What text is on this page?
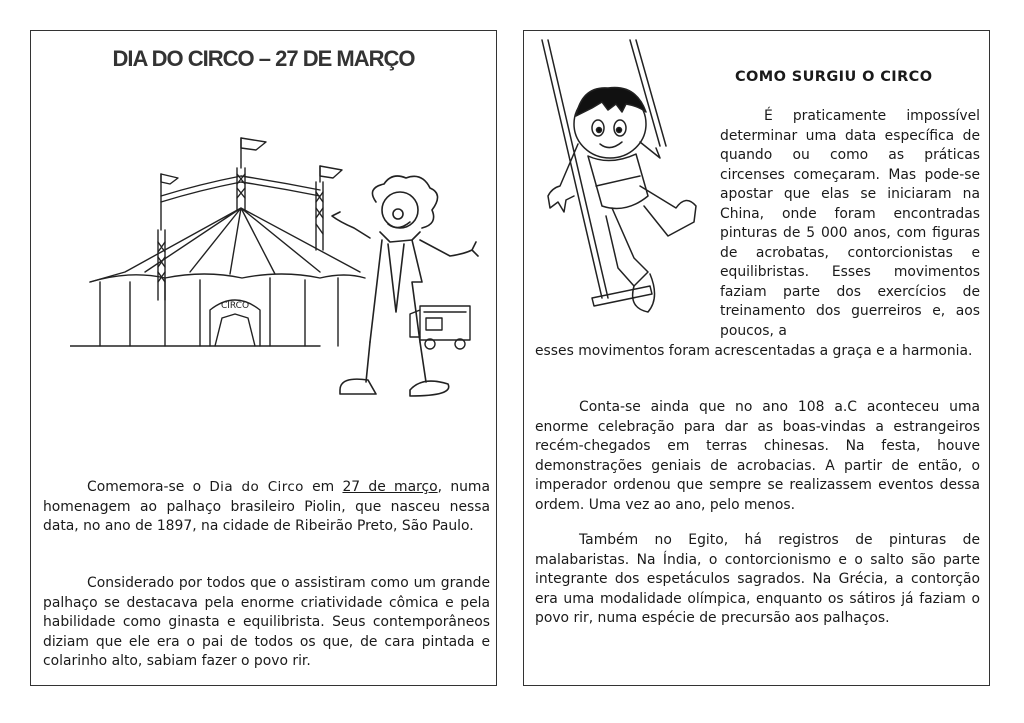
DIA DO CIRCO – 27 DE MARÇO
CIRCO

Comemora-se o Dia do Circo em 27 de março, numa homenagem ao palhaço brasileiro Piolin, que nasceu nessa data, no ano de 1897, na cidade de Ribeirão Preto, São Paulo.

Considerado por todos que o assistiram como um grande palhaço se destacava pela enorme criatividade cômica e pela habilidade como ginasta e equilibrista. Seus contemporâneos diziam que ele era o pai de todos os que, de cara pintada e colarinho alto, sabiam fazer o povo rir.

COMO SURGIU O CIRCO

É praticamente impossível determinar uma data específica de quando ou como as práticas circenses começaram. Mas pode-se apostar que elas se iniciaram na China, onde foram encontradas pinturas de 5 000 anos, com figuras de acrobatas, contorcionistas e equilibristas. Esses movimentos faziam parte dos exercícios de treinamento dos guerreiros e, aos poucos, a

esses movimentos foram acrescentadas a graça e a harmonia.

Conta-se ainda que no ano 108 a.C aconteceu uma enorme celebração para dar as boas-vindas a estrangeiros recém-chegados em terras chinesas. Na festa, houve demonstrações geniais de acrobacias. A partir de então, o imperador ordenou que sempre se realizassem eventos dessa ordem. Uma vez ao ano, pelo menos.

Também no Egito, há registros de pinturas de malabaristas. Na Índia, o contorcionismo e o salto são parte integrante dos espetáculos sagrados. Na Grécia, a contorção era uma modalidade olímpica, enquanto os sátiros já faziam o povo rir, numa espécie de precursão aos palhaços.
